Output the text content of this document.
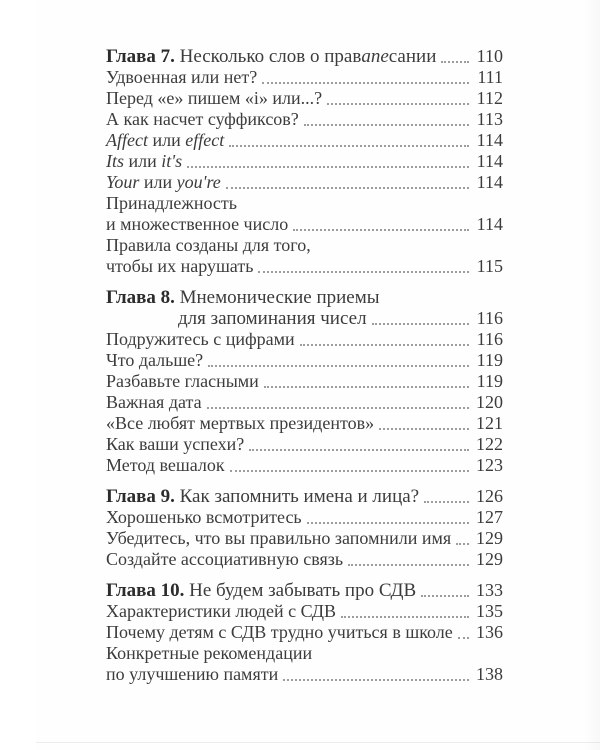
Глава 7. Несколько слов о правапесании	110
Удвоенная или нет?	111
Перед «е» пишем «i» или...?	112
А как насчет суффиксов?	113
Affect или effect	114
Its или it's	114
Your или you're	114
Принадлежность
и множественное число	114
Правила созданы для того,
чтобы их нарушать	115
Глава 8. Мнемонические приемы
для запоминания чисел	116
Подружитесь с цифрами	116
Что дальше?	119
Разбавьте гласными	119
Важная дата	120
«Все любят мертвых президентов»	121
Как ваши успехи?	122
Метод вешалок	123
Глава 9. Как запомнить имена и лица?	126
Хорошенько всмотритесь	127
Убедитесь, что вы правильно запомнили имя 129
Создайте ассоциативную связь	129
Глава 10. Не будем забывать про СДВ	133
Характеристики людей с СДВ	135
Почему детям с СДВ трудно учиться в школе 136
Конкретные рекомендации
по улучшению памяти	138
